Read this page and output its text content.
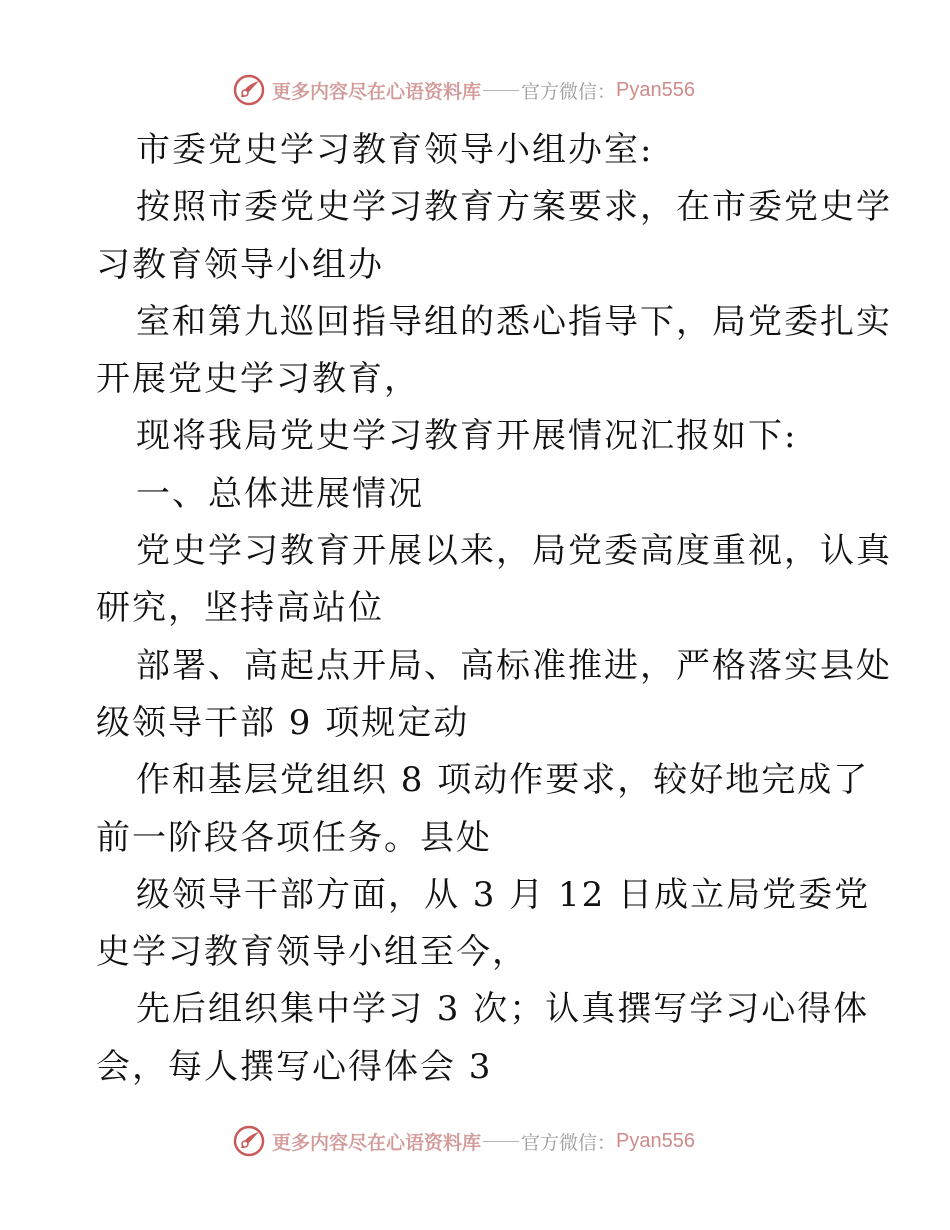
更多内容尽在心语资料库 官方微信： Pyan556
市委党史学习教育领导小组办室:
按照市委党史学习教育方案要求，在市委党史学
习教育领导小组办
室和第九巡回指导组的悉心指导下，局党委扎实
开展党史学习教育，
现将我局党史学习教育开展情况汇报如下:
一、总体进展情况
党史学习教育开展以来，局党委高度重视，认真
研究，坚持高站位
部署、高起点开局、高标准推进，严格落实县处
级领导干部 9 项规定动
作和基层党组织 8 项动作要求，较好地完成了
前一阶段各项任务。县处
级领导干部方面，从 3 月 12 日成立局党委党
史学习教育领导小组至今，
先后组织集中学习 3 次；认真撰写学习心得体
会，每人撰写心得体会 3
更多内容尽在心语资料库 官方微信： Pyan556
